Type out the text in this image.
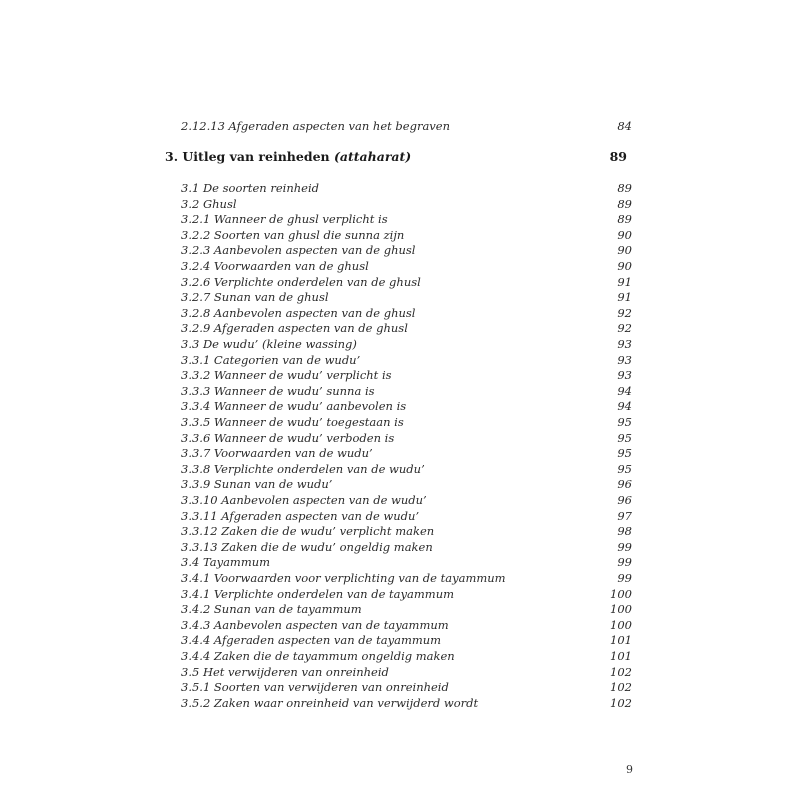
2.12.13 Afgeraden aspecten van het begraven	84
3. Uitleg van reinheden (attaharat)	89
3.1 De soorten reinheid	89
3.2 Ghusl	89
3.2.1 Wanneer de ghusl verplicht is	89
3.2.2 Soorten van ghusl die sunna zijn	90
3.2.3 Aanbevolen aspecten van de ghusl	90
3.2.4 Voorwaarden van de ghusl	90
3.2.6 Verplichte onderdelen van de ghusl	91
3.2.7 Sunan van de ghusl	91
3.2.8 Aanbevolen aspecten van de ghusl	92
3.2.9 Afgeraden aspecten van de ghusl	92
3.3 De wudu’ (kleine wassing)	93
3.3.1 Categorien van de wudu’	93
3.3.2 Wanneer de wudu’ verplicht is	93
3.3.3 Wanneer de wudu’ sunna is	94
3.3.4 Wanneer de wudu’ aanbevolen is	94
3.3.5 Wanneer de wudu’ toegestaan is	95
3.3.6 Wanneer de wudu’ verboden is	95
3.3.7 Voorwaarden van de wudu’	95
3.3.8 Verplichte onderdelen van de wudu’	95
3.3.9 Sunan van de wudu’	96
3.3.10 Aanbevolen aspecten van de wudu’	96
3.3.11 Afgeraden aspecten van de wudu’	97
3.3.12 Zaken die de wudu’ verplicht maken	98
3.3.13 Zaken die de wudu’ ongeldig maken	99
3.4 Tayammum	99
3.4.1 Voorwaarden voor verplichting van de tayammum	99
3.4.1 Verplichte onderdelen van de tayammum	100
3.4.2 Sunan van de tayammum	100
3.4.3 Aanbevolen aspecten van de tayammum	100
3.4.4 Afgeraden aspecten van de tayammum	101
3.4.4 Zaken die de tayammum ongeldig maken	101
3.5 Het verwijderen van onreinheid	102
3.5.1 Soorten van verwijderen van onreinheid	102
3.5.2 Zaken waar onreinheid van verwijderd wordt	102
9
